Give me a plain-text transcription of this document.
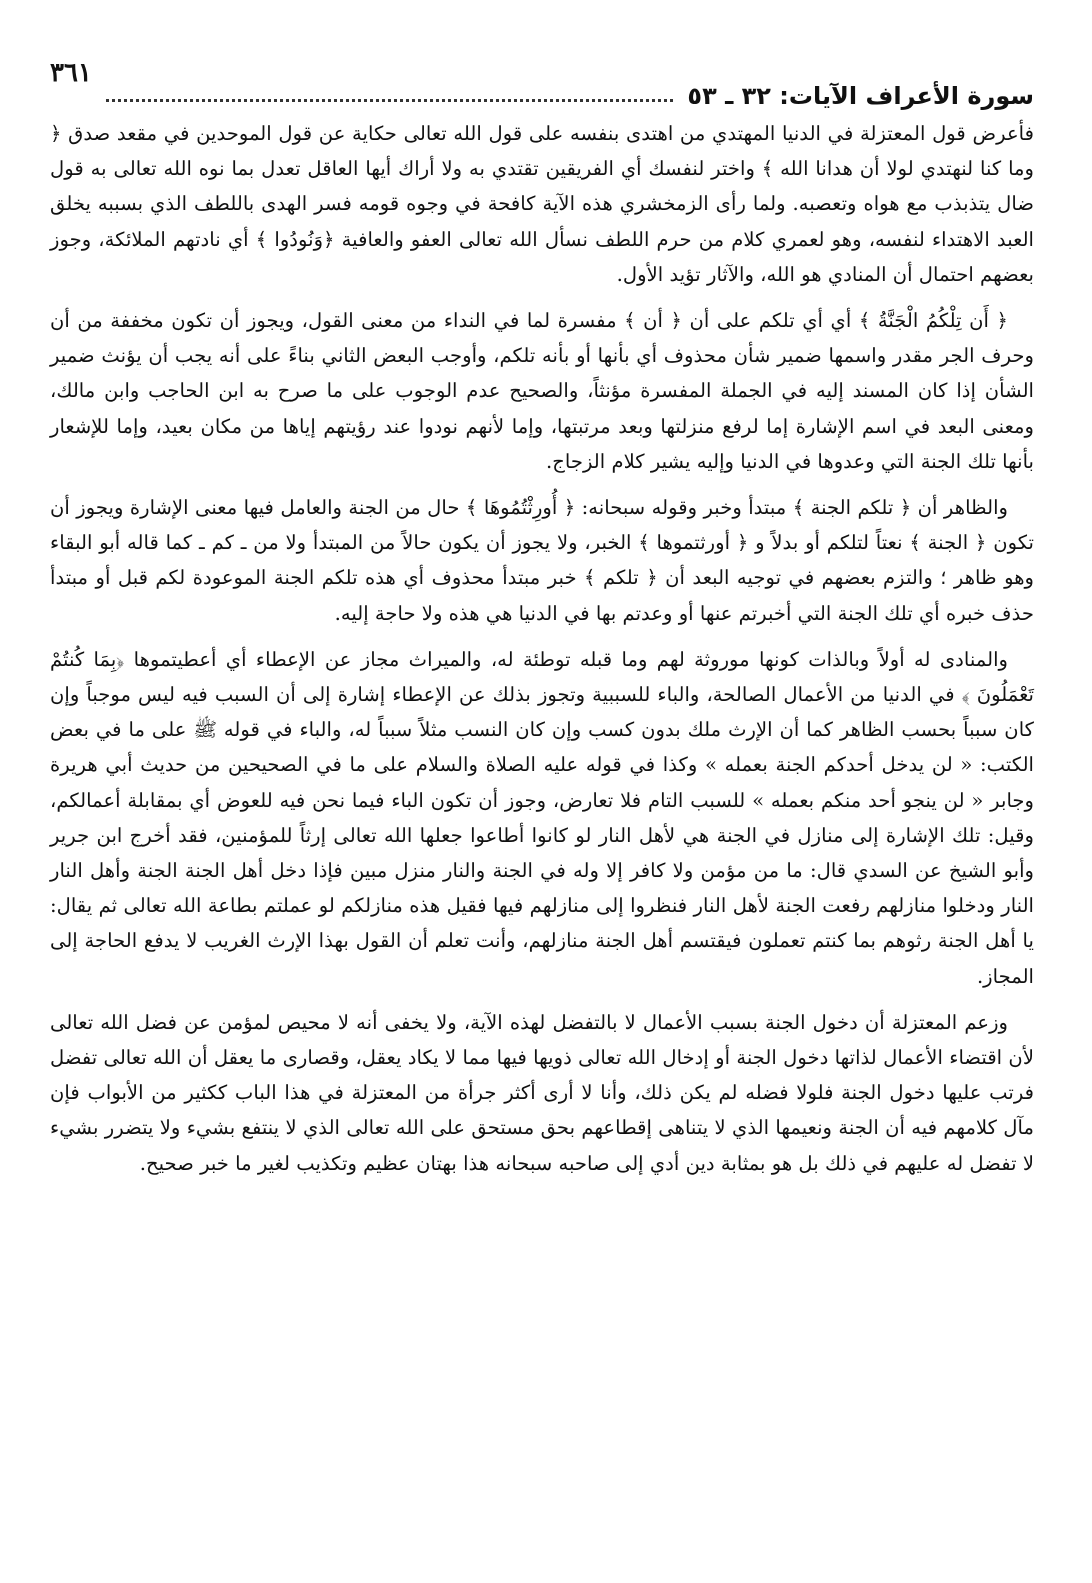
سورة الأعراف الآيات: ٣٢ ـ ٥٣
٣٦١

فأعرض قول المعتزلة في الدنيا المهتدي من اهتدى بنفسه على قول الله تعالى حكاية عن قول الموحدين في مقعد صدق ﴿ وما كنا لنهتدي لولا أن هدانا الله ﴾ واختر لنفسك أي الفريقين تقتدي به ولا أراك أيها العاقل تعدل بما نوه الله تعالى به قول ضال يتذبذب مع هواه وتعصبه. ولما رأى الزمخشري هذه الآية كافحة في وجوه قومه فسر الهدى باللطف الذي بسببه يخلق العبد الاهتداء لنفسه، وهو لعمري كلام من حرم اللطف نسأل الله تعالى العفو والعافية ﴿وَنُودُوا ﴾ أي نادتهم الملائكة، وجوز بعضهم احتمال أن المنادي هو الله، والآثار تؤيد الأول.

﴿ أَن تِلْكُمُ الْجَنَّةُ ﴾ أي أي تلكم على أن ﴿ أن ﴾ مفسرة لما في النداء من معنى القول، ويجوز أن تكون مخففة من أن وحرف الجر مقدر واسمها ضمير شأن محذوف أي بأنها أو بأنه تلكم، وأوجب البعض الثاني بناءً على أنه يجب أن يؤنث ضمير الشأن إذا كان المسند إليه في الجملة المفسرة مؤنثاً، والصحيح عدم الوجوب على ما صرح به ابن الحاجب وابن مالك، ومعنى البعد في اسم الإشارة إما لرفع منزلتها وبعد مرتبتها، وإما لأنهم نودوا عند رؤيتهم إياها من مكان بعيد، وإما للإشعار بأنها تلك الجنة التي وعدوها في الدنيا وإليه يشير كلام الزجاج.

والظاهر أن ﴿ تلكم الجنة ﴾ مبتدأ وخبر وقوله سبحانه: ﴿ أُورِثْتُمُوهَا ﴾ حال من الجنة والعامل فيها معنى الإشارة ويجوز أن تكون ﴿ الجنة ﴾ نعتاً لتلكم أو بدلاً و ﴿ أورثتموها ﴾ الخبر، ولا يجوز أن يكون حالاً من المبتدأ ولا من ـ كم ـ كما قاله أبو البقاء وهو ظاهر ؛ والتزم بعضهم في توجيه البعد أن ﴿ تلكم ﴾ خبر مبتدأ محذوف أي هذه تلكم الجنة الموعودة لكم قبل أو مبتدأ حذف خبره أي تلك الجنة التي أخبرتم عنها أو وعدتم بها في الدنيا هي هذه ولا حاجة إليه.

والمنادى له أولاً وبالذات كونها موروثة لهم وما قبله توطئة له، والميراث مجاز عن الإعطاء أي أعطيتموها ﴿بِمَا كُنتُمْ تَعْمَلُونَ ﴾ في الدنيا من الأعمال الصالحة، والباء للسببية وتجوز بذلك عن الإعطاء إشارة إلى أن السبب فيه ليس موجباً وإن كان سبباً بحسب الظاهر كما أن الإرث ملك بدون كسب وإن كان النسب مثلاً سبباً له، والباء في قوله ﷺ على ما في بعض الكتب: « لن يدخل أحدكم الجنة بعمله » وكذا في قوله عليه الصلاة والسلام على ما في الصحيحين من حديث أبي هريرة وجابر « لن ينجو أحد منكم بعمله » للسبب التام فلا تعارض، وجوز أن تكون الباء فيما نحن فيه للعوض أي بمقابلة أعمالكم، وقيل: تلك الإشارة إلى منازل في الجنة هي لأهل النار لو كانوا أطاعوا جعلها الله تعالى إرثاً للمؤمنين، فقد أخرج ابن جرير وأبو الشيخ عن السدي قال: ما من مؤمن ولا كافر إلا وله في الجنة والنار منزل مبين فإذا دخل أهل الجنة الجنة وأهل النار النار ودخلوا منازلهم رفعت الجنة لأهل النار فنظروا إلى منازلهم فيها فقيل هذه منازلكم لو عملتم بطاعة الله تعالى ثم يقال: يا أهل الجنة رثوهم بما كنتم تعملون فيقتسم أهل الجنة منازلهم، وأنت تعلم أن القول بهذا الإرث الغريب لا يدفع الحاجة إلى المجاز.

وزعم المعتزلة أن دخول الجنة بسبب الأعمال لا بالتفضل لهذه الآية، ولا يخفى أنه لا محيص لمؤمن عن فضل الله تعالى لأن اقتضاء الأعمال لذاتها دخول الجنة أو إدخال الله تعالى ذويها فيها مما لا يكاد يعقل، وقصارى ما يعقل أن الله تعالى تفضل فرتب عليها دخول الجنة فلولا فضله لم يكن ذلك، وأنا لا أرى أكثر جرأة من المعتزلة في هذا الباب ككثير من الأبواب فإن مآل كلامهم فيه أن الجنة ونعيمها الذي لا يتناهى إقطاعهم بحق مستحق على الله تعالى الذي لا ينتفع بشيء ولا يتضرر بشيء لا تفضل له عليهم في ذلك بل هو بمثابة دين أدي إلى صاحبه سبحانه هذا بهتان عظيم وتكذيب لغير ما خبر صحيح.
